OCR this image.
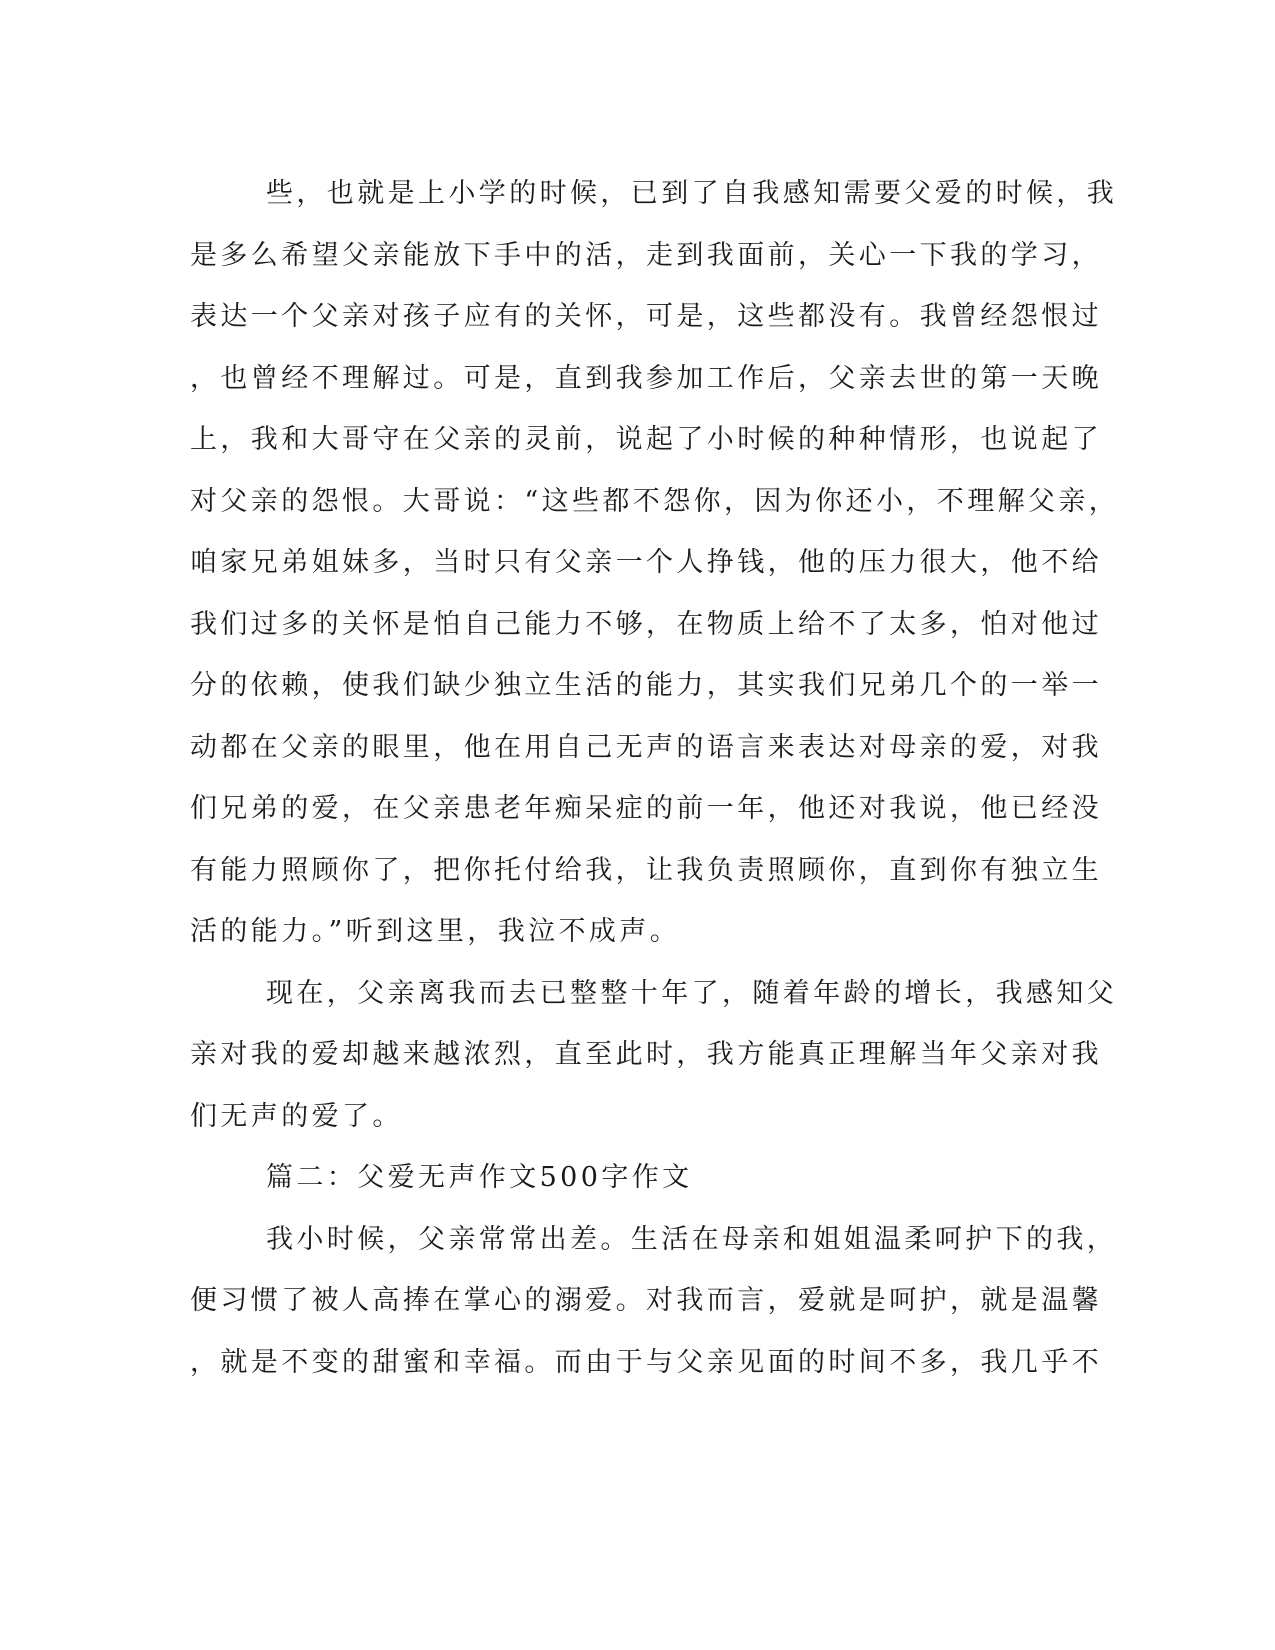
些，也就是上小学的时候，已到了自我感知需要父爱的时候，我
是多么希望父亲能放下手中的活，走到我面前，关心一下我的学习，
表达一个父亲对孩子应有的关怀，可是，这些都没有。我曾经怨恨过
，也曾经不理解过。可是，直到我参加工作后，父亲去世的第一天晚
上，我和大哥守在父亲的灵前，说起了小时候的种种情形，也说起了
对父亲的怨恨。大哥说：“这些都不怨你，因为你还小，不理解父亲，
咱家兄弟姐妹多，当时只有父亲一个人挣钱，他的压力很大，他不给
我们过多的关怀是怕自己能力不够，在物质上给不了太多，怕对他过
分的依赖，使我们缺少独立生活的能力，其实我们兄弟几个的一举一
动都在父亲的眼里，他在用自己无声的语言来表达对母亲的爱，对我
们兄弟的爱，在父亲患老年痴呆症的前一年，他还对我说，他已经没
有能力照顾你了，把你托付给我，让我负责照顾你，直到你有独立生
活的能力。”听到这里，我泣不成声。
现在，父亲离我而去已整整十年了，随着年龄的增长，我感知父
亲对我的爱却越来越浓烈，直至此时，我方能真正理解当年父亲对我
们无声的爱了。
篇二：父爱无声作文500字作文
我小时候，父亲常常出差。生活在母亲和姐姐温柔呵护下的我，
便习惯了被人高捧在掌心的溺爱。对我而言，爱就是呵护，就是温馨
，就是不变的甜蜜和幸福。而由于与父亲见面的时间不多，我几乎不
